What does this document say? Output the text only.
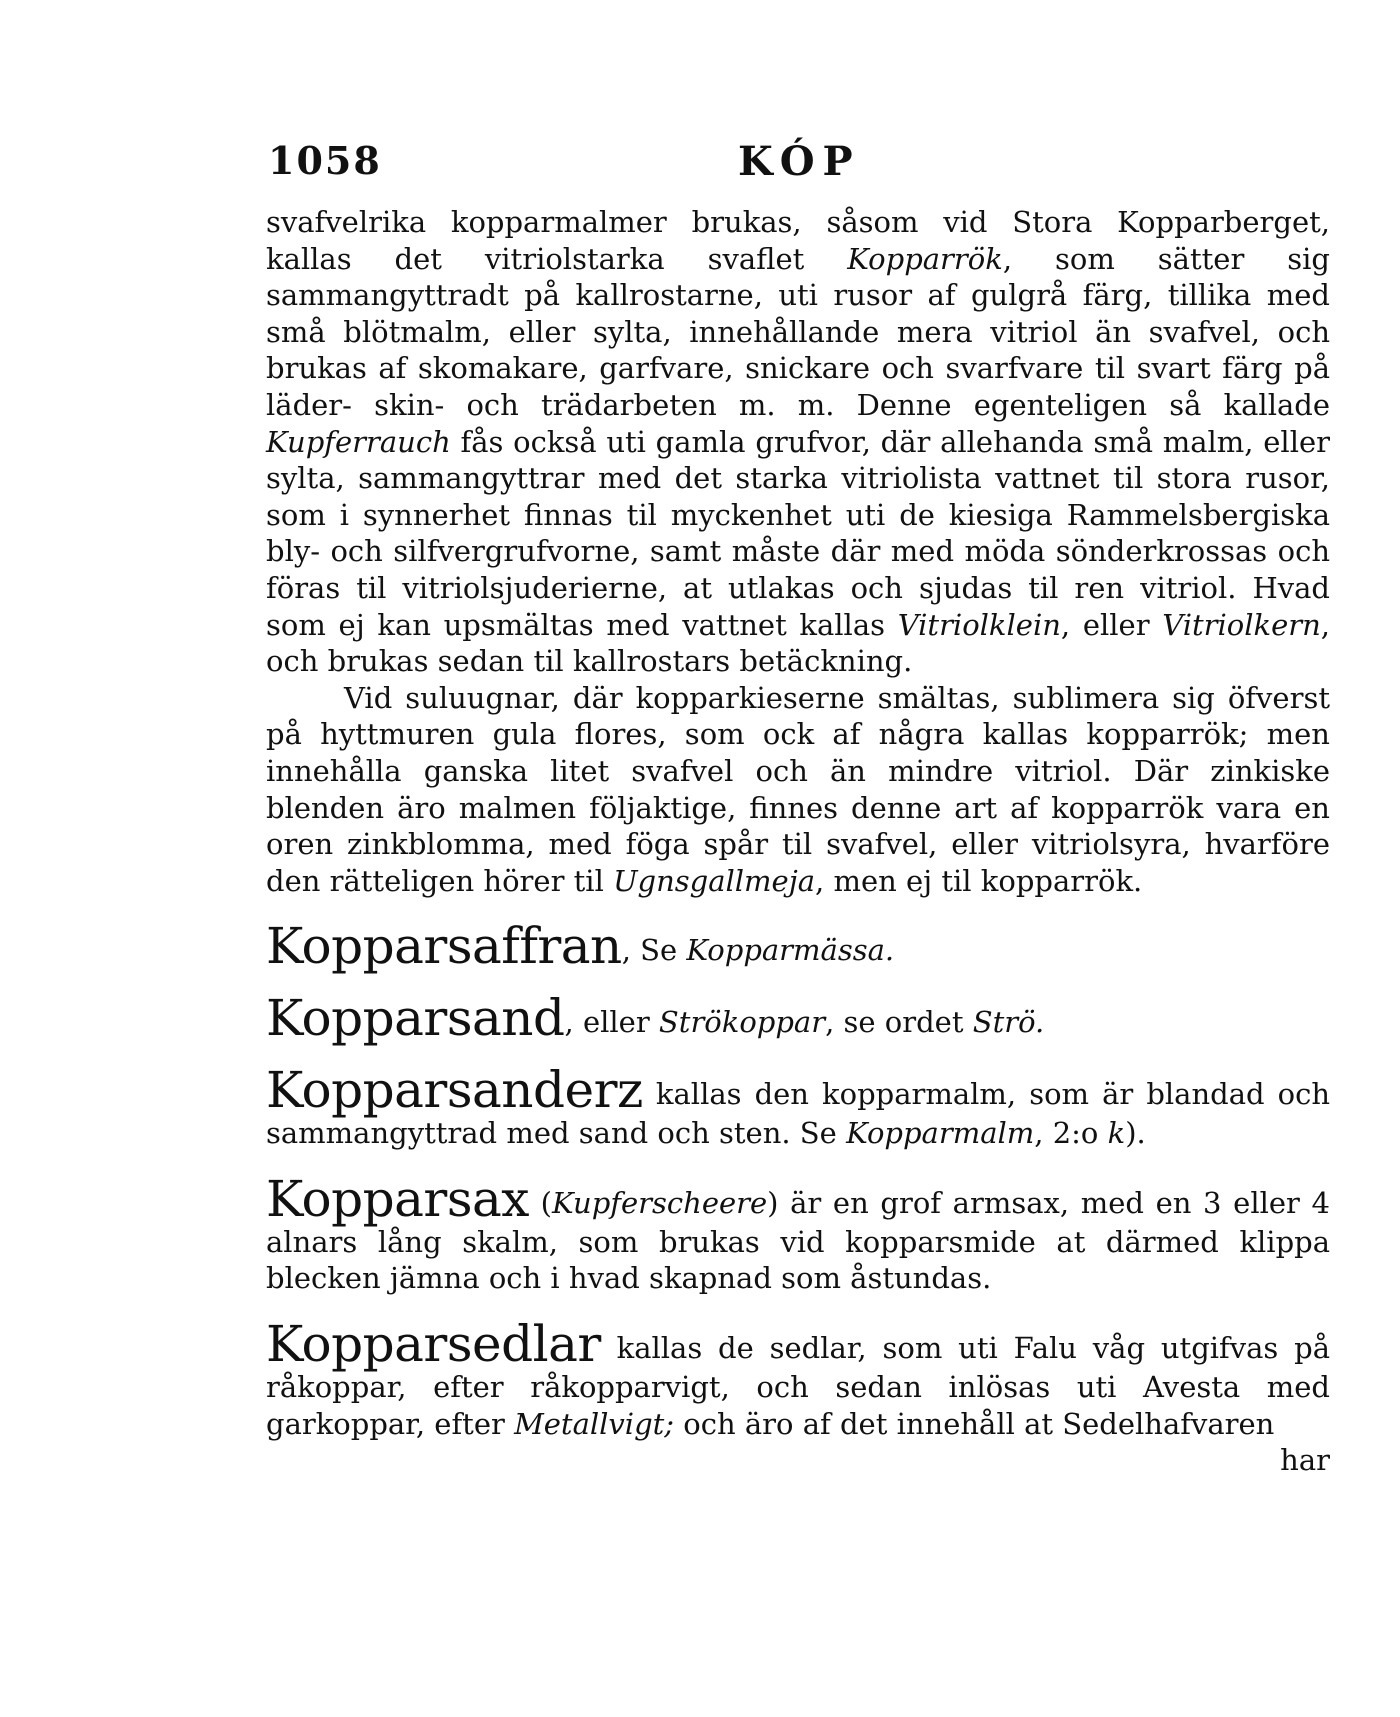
1058	KÓP

svafvelrika kopparmalmer brukas, såsom vid Stora Kopparberget, kallas det vitriolstarka svaflet Kopparrök, som sätter sig sammangyttradt på kallrostarne, uti rusor af gulgrå färg, tillika med små blötmalm, eller sylta, innehållande mera vitriol än svafvel, och brukas af skomakare, garfvare, snickare och svarfvare til svart färg på läder- skin- och trädarbeten m. m. Denne egenteligen så kallade Kupferrauch fås också uti gamla grufvor, där allehanda små malm, eller sylta, sammangyttrar med det starka vitriolista vattnet til stora rusor, som i synnerhet finnas til myckenhet uti de kiesiga Rammelsbergiska bly- och silfvergrufvorne, samt måste där med möda sönderkrossas och föras til vitriolsjuderierne, at utlakas och sjudas til ren vitriol. Hvad som ej kan upsmältas med vattnet kallas Vitriolklein, eller Vitriolkern, och brukas sedan til kallrostars betäckning.

Vid suluugnar, där kopparkieserne smältas, sublimera sig öfverst på hyttmuren gula flores, som ock af några kallas kopparrök; men innehålla ganska litet svafvel och än mindre vitriol. Där zinkiske blenden äro malmen följaktige, finnes denne art af kopparrök vara en oren zinkblomma, med föga spår til svafvel, eller vitriolsyra, hvarföre den rätteligen hörer til Ugnsgallmeja, men ej til kopparrök.

Kopparsaffran, Se Kopparmässa.

Kopparsand, eller Strökoppar, se ordet Strö.

Kopparsanderz kallas den kopparmalm, som är blandad och sammangyttrad med sand och sten. Se Kopparmalm, 2:o k).

Kopparsax (Kupferscheere) är en grof armsax, med en 3 eller 4 alnars lång skalm, som brukas vid kopparsmide at därmed klippa blecken jämna och i hvad skapnad som åstundas.

Kopparsedlar kallas de sedlar, som uti Falu våg utgifvas på råkoppar, efter råkopparvigt, och sedan inlösas uti Avesta med garkoppar, efter Metallvigt; och äro af det innehåll at Sedelhafvaren

har
